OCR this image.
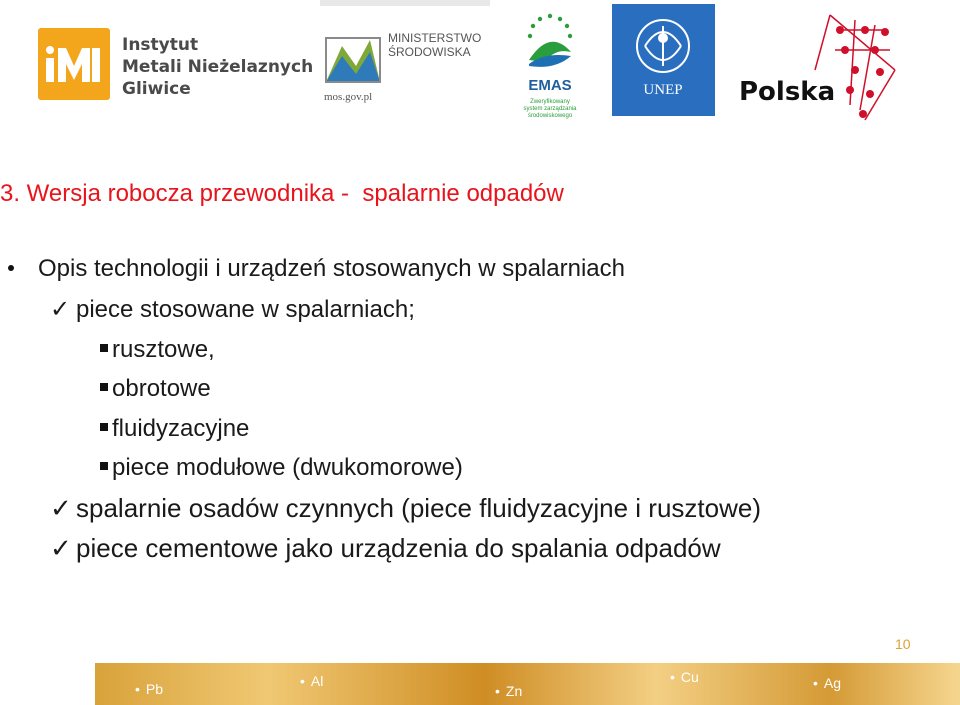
Instytut
Metali Nieżelaznych
Gliwice
MINISTERSTWO
ŚRODOWISKA
mos.gov.pl
EMAS
Zweryfikowany
system zarządzania
środowiskowego
UNEP Polska
3. Wersja robocza przewodnika -  spalarnie odpadów
Opis technologii i urządzeń stosowanych w spalarniach
✓ piece stosowane w spalarniach;
rusztowe,
obrotowe
fluidyzacyjne
piece modułowe (dwukomorowe)
✓ spalarnie osadów czynnych (piece fluidyzacyjne i rusztowe)
✓ piece cementowe jako urządzenia do spalania odpadów
10
• Pb	• Al
• Zn
• Cu	• Ag
